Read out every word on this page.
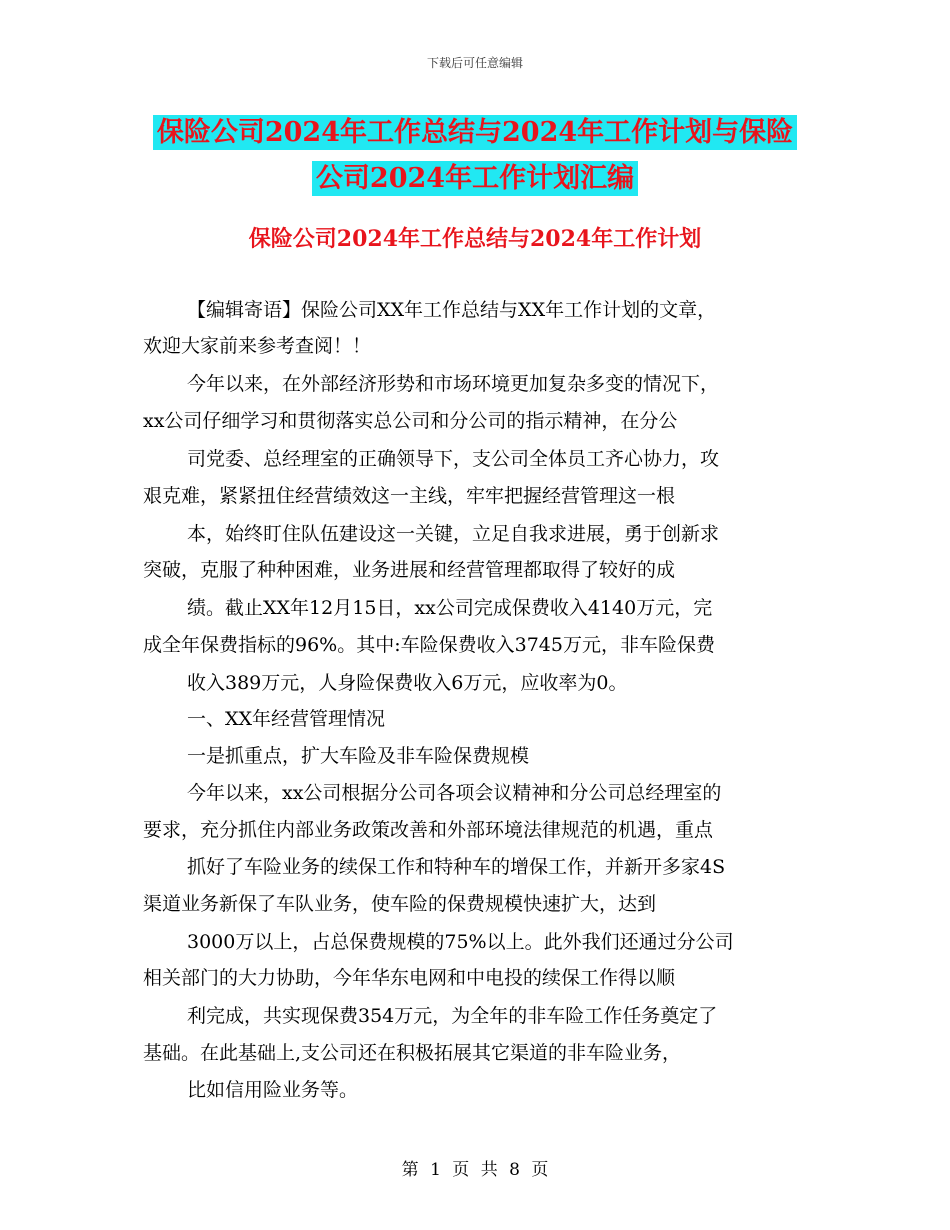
下载后可任意编辑
保险公司2024年工作总结与2024年工作计划与保险
公司2024年工作计划汇编
保险公司2024年工作总结与2024年工作计划
【编辑寄语】保险公司XX年工作总结与XX年工作计划的文章，
欢迎大家前来参考查阅！！
今年以来，在外部经济形势和市场环境更加复杂多变的情况下，
xx公司仔细学习和贯彻落实总公司和分公司的指示精神，在分公
司党委、总经理室的正确领导下，支公司全体员工齐心协力，攻
艰克难，紧紧扭住经营绩效这一主线，牢牢把握经营管理这一根
本，始终盯住队伍建设这一关键，立足自我求进展，勇于创新求
突破，克服了种种困难，业务进展和经营管理都取得了较好的成
绩。截止XX年12月15日，xx公司完成保费收入4140万元，完
成全年保费指标的96%。其中:车险保费收入3745万元，非车险保费
收入389万元，人身险保费收入6万元，应收率为0。
一、XX年经营管理情况
一是抓重点，扩大车险及非车险保费规模
今年以来，xx公司根据分公司各项会议精神和分公司总经理室的
要求，充分抓住内部业务政策改善和外部环境法律规范的机遇，重点
抓好了车险业务的续保工作和特种车的增保工作，并新开多家4S
渠道业务新保了车队业务，使车险的保费规模快速扩大，达到
3000万以上，占总保费规模的75%以上。此外我们还通过分公司
相关部门的大力协助，今年华东电网和中电投的续保工作得以顺
利完成，共实现保费354万元，为全年的非车险工作任务奠定了
基础。在此基础上,支公司还在积极拓展其它渠道的非车险业务，
比如信用险业务等。
第 1 页 共 8 页
